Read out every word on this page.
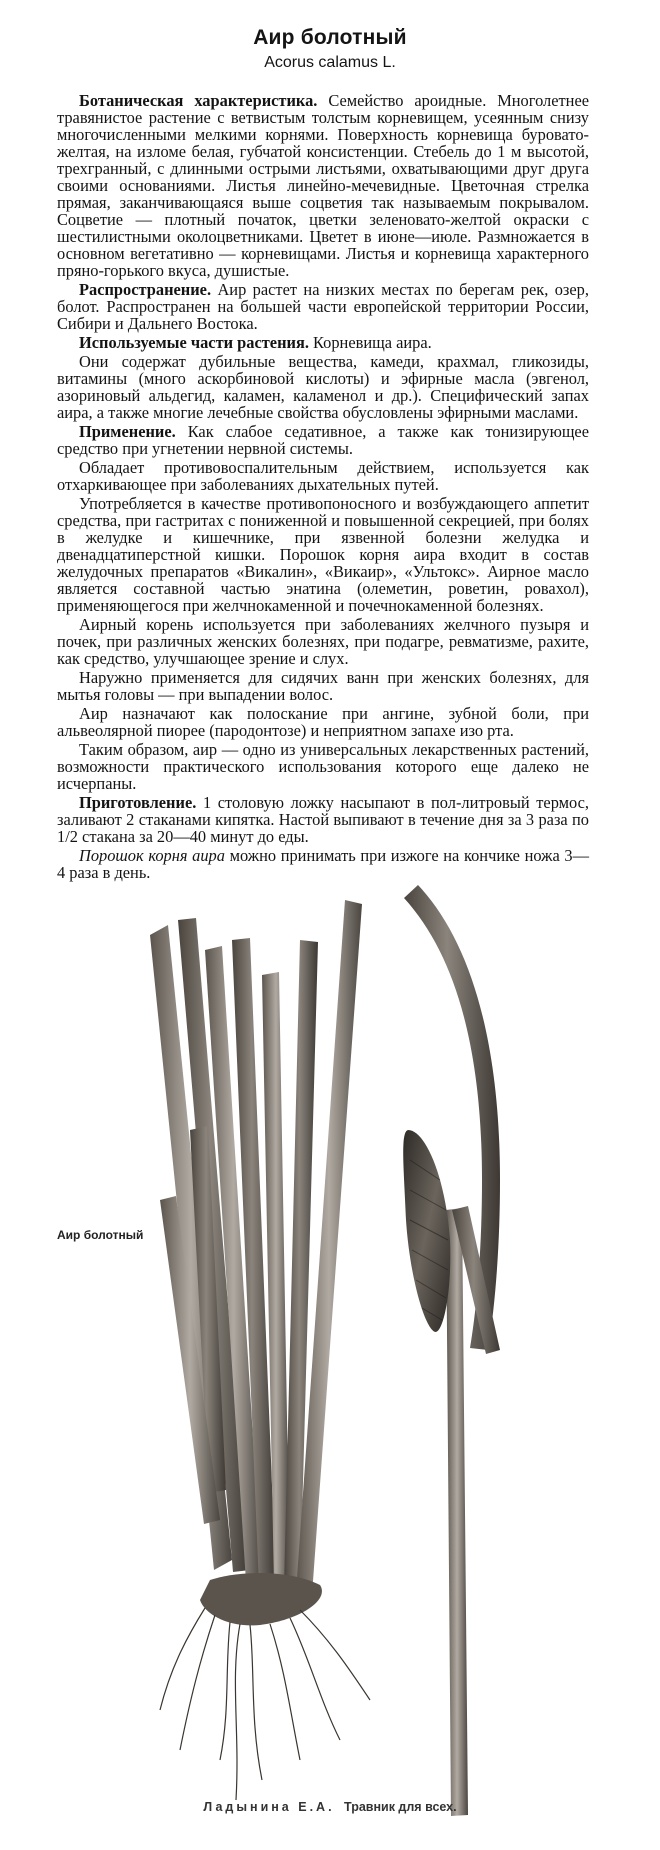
Аир болотный
Acorus calamus L.

Ботаническая характеристика. Семейство ароидные. Многолетнее травянистое растение с ветвистым толстым корневищем, усеянным снизу многочисленными мелкими корнями. Поверхность корневища буровато-желтая, на изломе белая, губчатой консистенции. Стебель до 1 м высотой, трехгранный, с длинными острыми листьями, охватывающими друг друга своими основаниями. Листья линейно-мечевидные. Цветочная стрелка прямая, заканчивающаяся выше соцветия так называемым покрывалом. Соцветие — плотный початок, цветки зеленовато-желтой окраски с шестилистными околоцветниками. Цветет в июне—июле. Размножается в основном вегетативно — корневищами. Листья и корневища характерного пряно-горького вкуса, душистые.

Распространение. Аир растет на низких местах по берегам рек, озер, болот. Распространен на большей части европейской территории России, Сибири и Дальнего Востока.

Используемые части растения. Корневища аира.

Они содержат дубильные вещества, камеди, крахмал, гликозиды, витамины (много аскорбиновой кислоты) и эфирные масла (эвгенол, азориновый альдегид, каламен, каламенол и др.). Специфический запах аира, а также многие лечебные свойства обусловлены эфирными маслами.

Применение. Как слабое седативное, а также как тонизирующее средство при угнетении нервной системы.

Обладает противовоспалительным действием, используется как отхаркивающее при заболеваниях дыхательных путей.

Употребляется в качестве противопоносного и возбуждающего аппетит средства, при гастритах с пониженной и повышенной секрецией, при болях в желудке и кишечнике, при язвенной болезни желудка и двенадцатиперстной кишки. Порошок корня аира входит в состав желудочных препаратов «Викалин», «Викаир», «Ультокс». Аирное масло является составной частью энатина (олеметин, роветин, ровахол), применяющегося при желчнокаменной и почечнокаменной болезнях.

Аирный корень используется при заболеваниях желчного пузыря и почек, при различных женских болезнях, при подагре, ревматизме, рахите, как средство, улучшающее зрение и слух.

Наружно применяется для сидячих ванн при женских болезнях, для мытья головы — при выпадении волос.

Аир назначают как полоскание при ангине, зубной боли, при альвеолярной пиорее (пародонтозе) и неприятном запахе изо рта.

Таким образом, аир — одно из универсальных лекарственных растений, возможности практического использования которого еще далеко не исчерпаны.

Приготовление. 1 столовую ложку насыпают в пол-литровый термос, заливают 2 стаканами кипятка. Настой выпивают в течение дня за 3 раза по 1/2 стакана за 20—40 минут до еды.

Порошок корня аира можно принимать при изжоге на кончике ножа 3—4 раза в день.

Аир болотный
Ладынина Е.А. Травник для всех.
